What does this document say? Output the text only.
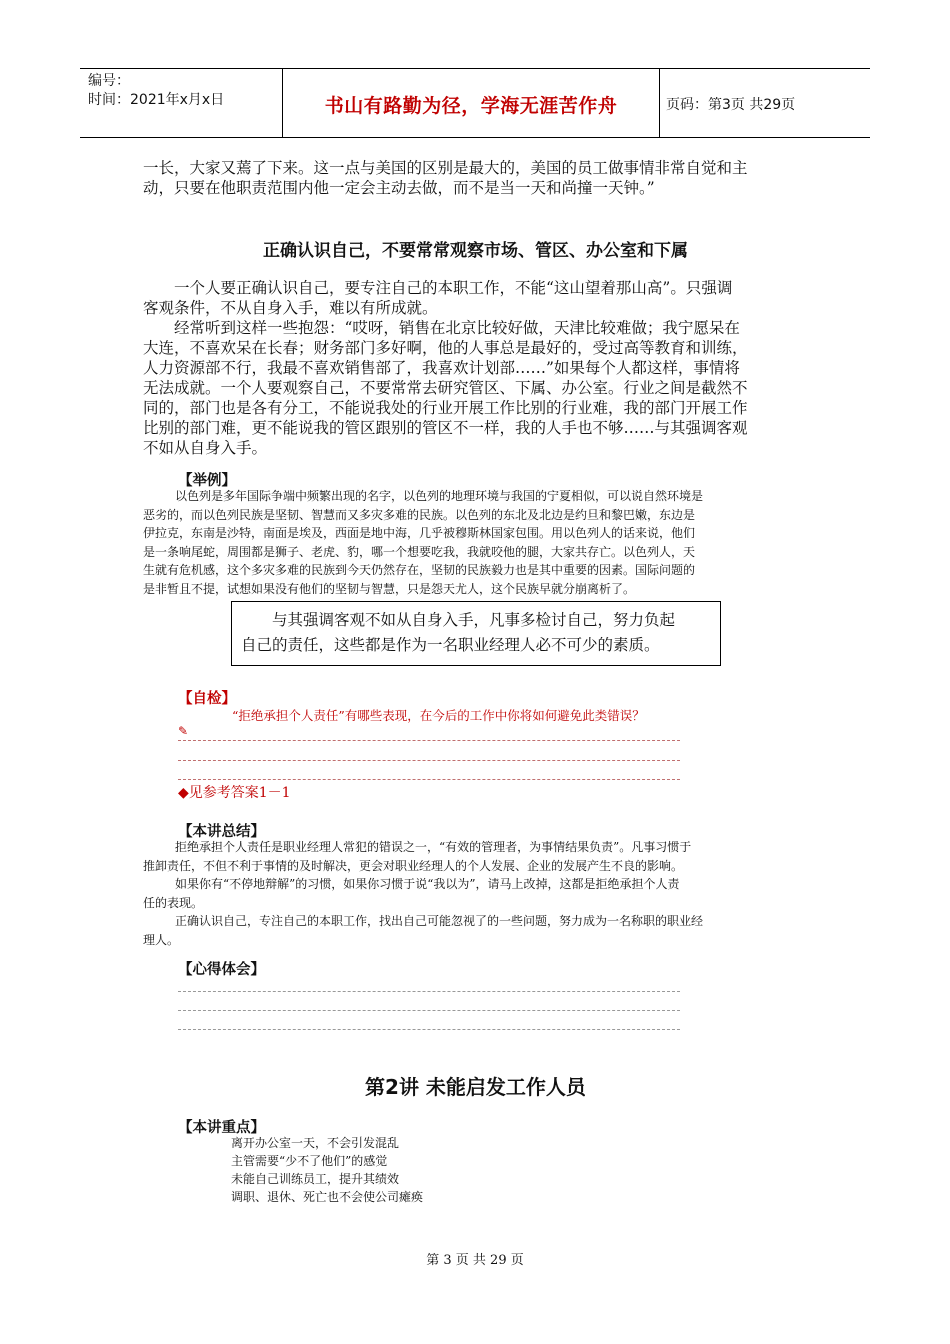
编号：
时间：2021年x月x日	书山有路勤为径，学海无涯苦作舟	页码：第3页 共29页
一长，大家又蔫了下来。这一点与美国的区别是最大的，美国的员工做事情非常自觉和主
动，只要在他职责范围内他一定会主动去做，而不是当一天和尚撞一天钟。”
正确认识自己，不要常常观察市场、管区、办公室和下属
一个人要正确认识自己，要专注自己的本职工作，不能“这山望着那山高”。只强调
客观条件，不从自身入手，难以有所成就。
经常听到这样一些抱怨：“哎呀，销售在北京比较好做，天津比较难做；我宁愿呆在
大连，不喜欢呆在长春；财务部门多好啊，他的人事总是最好的，受过高等教育和训练，
人力资源部不行，我最不喜欢销售部了，我喜欢计划部……”如果每个人都这样，事情将
无法成就。一个人要观察自己，不要常常去研究管区、下属、办公室。行业之间是截然不
同的，部门也是各有分工，不能说我处的行业开展工作比别的行业难，我的部门开展工作
比别的部门难，更不能说我的管区跟别的管区不一样，我的人手也不够……与其强调客观
不如从自身入手。
【举例】
以色列是多年国际争端中频繁出现的名字，以色列的地理环境与我国的宁夏相似，可以说自然环境是
恶劣的，而以色列民族是坚韧、智慧而又多灾多难的民族。以色列的东北及北边是约旦和黎巴嫩，东边是
伊拉克，东南是沙特，南面是埃及，西面是地中海，几乎被穆斯林国家包围。用以色列人的话来说，他们
是一条响尾蛇，周围都是狮子、老虎、豹，哪一个想要吃我，我就咬他的腿，大家共存亡。以色列人，天
生就有危机感，这个多灾多难的民族到今天仍然存在，坚韧的民族毅力也是其中重要的因素。国际问题的
是非暂且不提，试想如果没有他们的坚韧与智慧，只是怨天尤人，这个民族早就分崩离析了。
与其强调客观不如从自身入手，凡事多检讨自己，努力负起
自己的责任，这些都是作为一名职业经理人必不可少的素质。
【自检】
“拒绝承担个人责任”有哪些表现，在今后的工作中你将如何避免此类错误？
✎
◆见参考答案1－1
【本讲总结】
拒绝承担个人责任是职业经理人常犯的错误之一，“有效的管理者，为事情结果负责”。凡事习惯于
推卸责任，不但不利于事情的及时解决，更会对职业经理人的个人发展、企业的发展产生不良的影响。
如果你有“不停地辩解”的习惯，如果你习惯于说“我以为”，请马上改掉，这都是拒绝承担个人责
任的表现。
正确认识自己，专注自己的本职工作，找出自己可能忽视了的一些问题，努力成为一名称职的职业经
理人。
【心得体会】
第2讲 未能启发工作人员
【本讲重点】
离开办公室一天，不会引发混乱
主管需要“少不了他们”的感觉
未能自己训练员工，提升其绩效
调职、退休、死亡也不会使公司瘫痪
第 3 页 共 29 页
